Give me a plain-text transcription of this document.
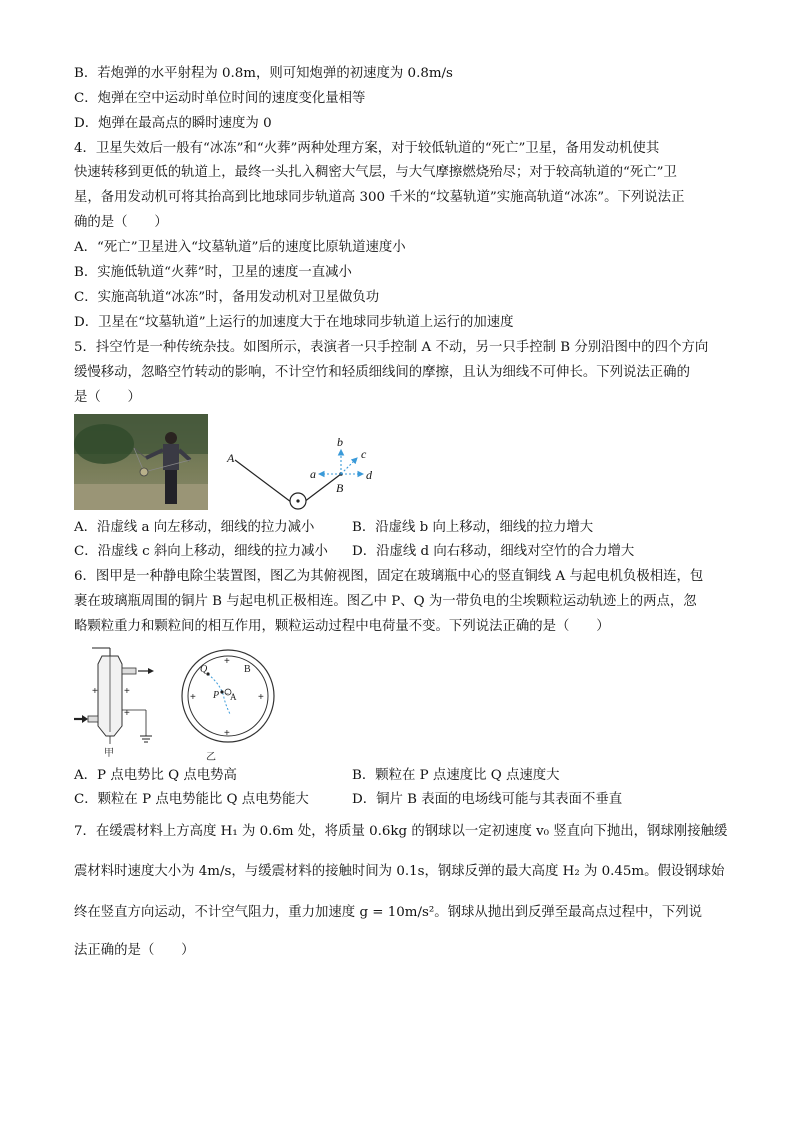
B．若炮弹的水平射程为 0.8m，则可知炮弹的初速度为 0.8m/s
C．炮弹在空中运动时单位时间的速度变化量相等
D．炮弹在最高点的瞬时速度为 0
4．卫星失效后一般有“冰冻”和“火葬”两种处理方案，对于较低轨道的“死亡”卫星，备用发动机使其
快速转移到更低的轨道上，最终一头扎入稠密大气层，与大气摩擦燃烧殆尽；对于较高轨道的“死亡”卫
星，备用发动机可将其抬高到比地球同步轨道高 300 千米的“坟墓轨道”实施高轨道“冰冻”。下列说法正
确的是（　　）
A．“死亡”卫星进入“坟墓轨道”后的速度比原轨道速度小
B．实施低轨道“火葬”时，卫星的速度一直减小
C．实施高轨道“冰冻”时，备用发动机对卫星做负功
D．卫星在“坟墓轨道”上运行的加速度大于在地球同步轨道上运行的加速度
5．抖空竹是一种传统杂技。如图所示，表演者一只手控制 A 不动，另一只手控制 B 分别沿图中的四个方向
缓慢移动，忽略空竹转动的影响，不计空竹和轻质细线间的摩擦，且认为细线不可伸长。下列说法正确的
是（　　）
A
b
a
c
d
B
A．沿虚线 a 向左移动，细线的拉力减小	B．沿虚线 b 向上移动，细线的拉力增大
C．沿虚线 c 斜向上移动，细线的拉力减小 D．沿虚线 d 向右移动，细线对空竹的合力增大
6．图甲是一种静电除尘装置图，图乙为其俯视图，固定在玻璃瓶中心的竖直铜线 A 与起电机负极相连，包
裹在玻璃瓶周围的铜片 B 与起电机正极相连。图乙中 P、Q 为一带负电的尘埃颗粒运动轨迹上的两点，忽
略颗粒重力和颗粒间的相互作用，颗粒运动过程中电荷量不变。下列说法正确的是（　　）
+	+
+
甲
+
+
+	+
−
Q
P A
B
乙
A．P 点电势比 Q 点电势高	B．颗粒在 P 点速度比 Q 点速度大
C．颗粒在 P 点电势能比 Q 点电势能大	D．铜片 B 表面的电场线可能与其表面不垂直
7．在缓震材料上方高度 H₁ 为 0.6m 处，将质量 0.6kg 的钢球以一定初速度 v₀ 竖直向下抛出，钢球刚接触缓
震材料时速度大小为 4m/s，与缓震材料的接触时间为 0.1s，钢球反弹的最大高度 H₂ 为 0.45m。假设钢球始
终在竖直方向运动，不计空气阻力，重力加速度 g = 10m/s²。钢球从抛出到反弹至最高点过程中，下列说
法正确的是（　　）
